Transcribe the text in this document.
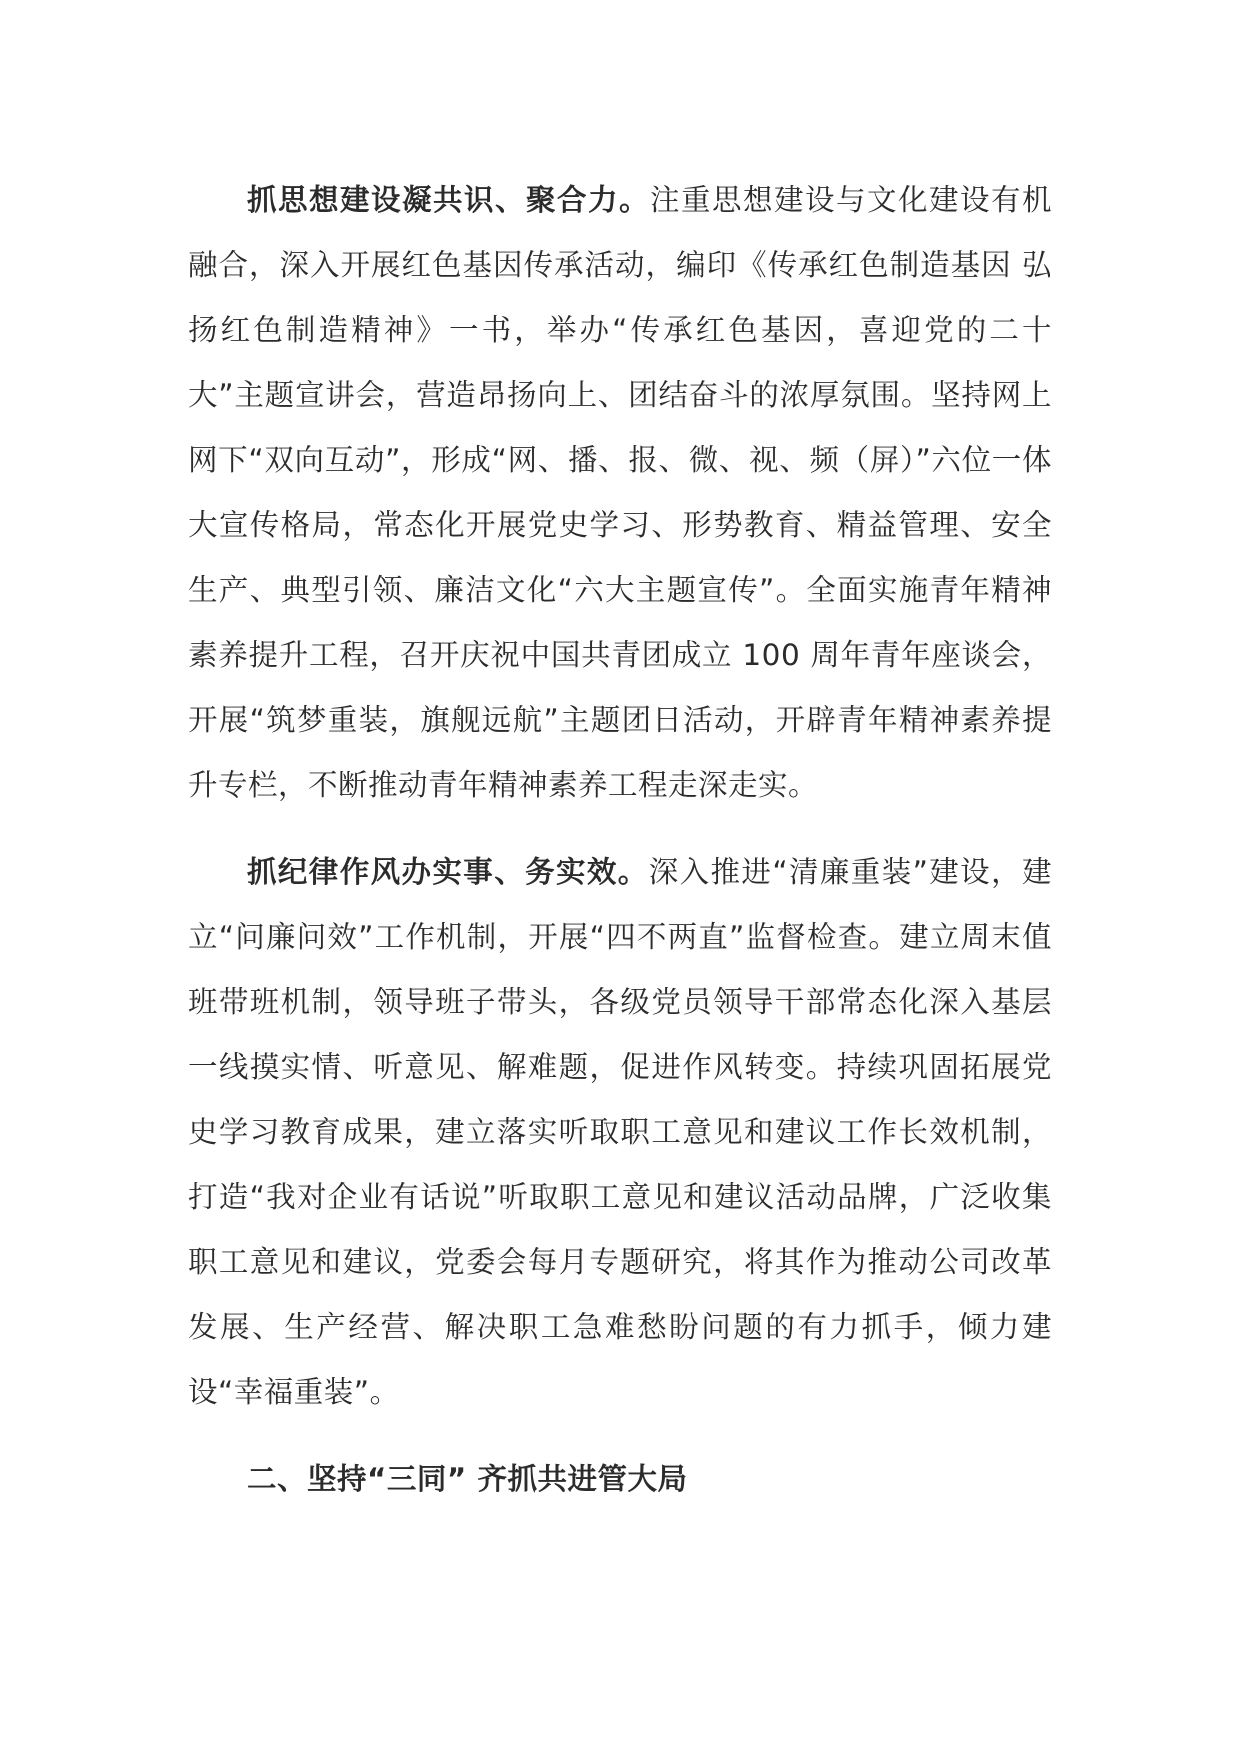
抓思想建设凝共识、聚合力。注重思想建设与文化建设有机融合，深入开展红色基因传承活动，编印《传承红色制造基因 弘扬红色制造精神》一书，举办“传承红色基因，喜迎党的二十大”主题宣讲会，营造昂扬向上、团结奋斗的浓厚氛围。坚持网上网下“双向互动”，形成“网、播、报、微、视、频（屏）”六位一体大宣传格局，常态化开展党史学习、形势教育、精益管理、安全生产、典型引领、廉洁文化“六大主题宣传”。全面实施青年精神素养提升工程，召开庆祝中国共青团成立 100 周年青年座谈会，开展“筑梦重装，旗舰远航”主题团日活动，开辟青年精神素养提升专栏，不断推动青年精神素养工程走深走实。

抓纪律作风办实事、务实效。深入推进“清廉重装”建设，建立“问廉问效”工作机制，开展“四不两直”监督检查。建立周末值班带班机制，领导班子带头，各级党员领导干部常态化深入基层一线摸实情、听意见、解难题，促进作风转变。持续巩固拓展党史学习教育成果，建立落实听取职工意见和建议工作长效机制，打造“我对企业有话说”听取职工意见和建议活动品牌，广泛收集职工意见和建议，党委会每月专题研究，将其作为推动公司改革发展、生产经营、解决职工急难愁盼问题的有力抓手，倾力建设“幸福重装”。

二、坚持“三同” 齐抓共进管大局
